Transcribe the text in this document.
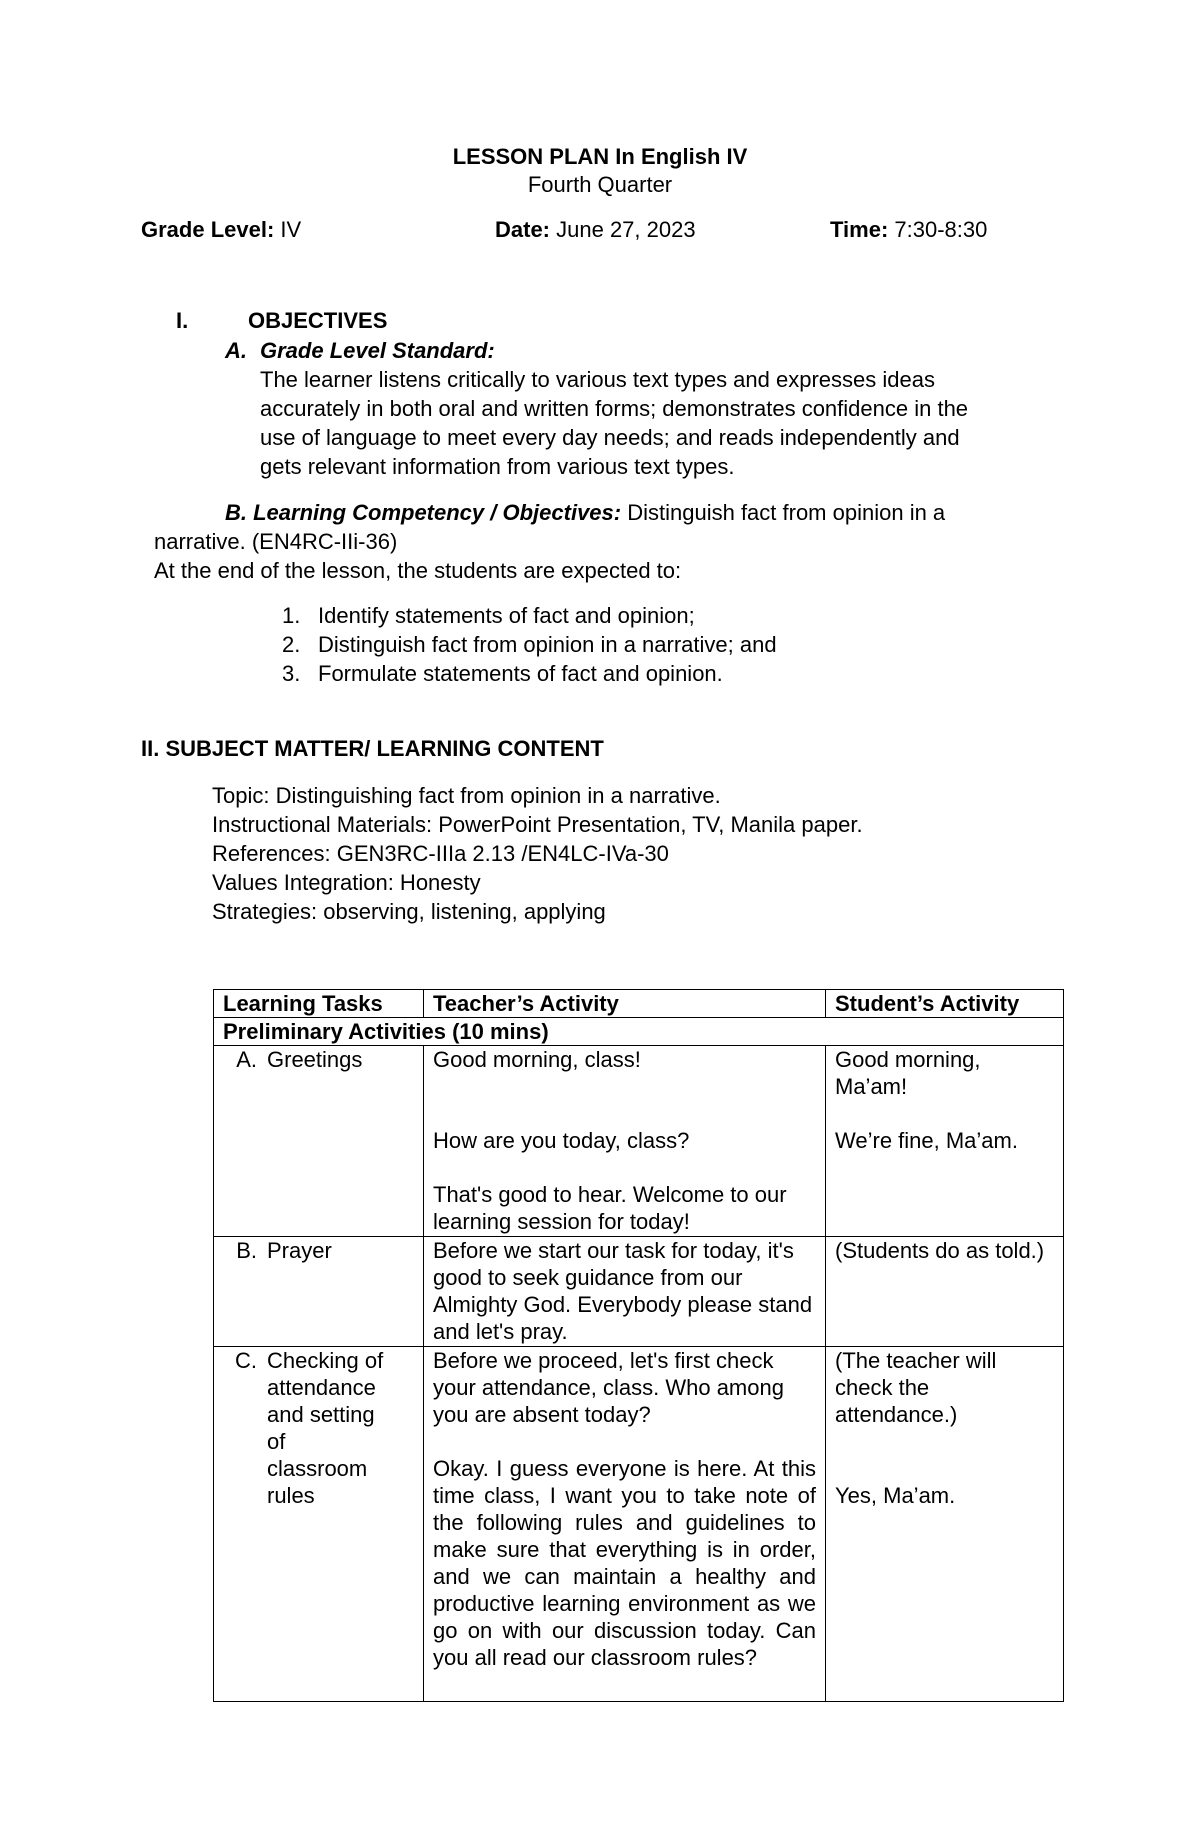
LESSON PLAN In English IV
Fourth Quarter
Grade Level: IV	Date: June 27, 2023	Time: 7:30-8:30
I.	OBJECTIVES
A. Grade Level Standard:
The learner listens critically to various text types and expresses ideas
accurately in both oral and written forms; demonstrates confidence in the
use of language to meet every day needs; and reads independently and
gets relevant information from various text types.
B. Learning Competency / Objectives: Distinguish fact from opinion in a
narrative. (EN4RC-IIi-36)
At the end of the lesson, the students are expected to:
1. Identify statements of fact and opinion;
2. Distinguish fact from opinion in a narrative; and
3. Formulate statements of fact and opinion.
II. SUBJECT MATTER/ LEARNING CONTENT
Topic: Distinguishing fact from opinion in a narrative.
Instructional Materials: PowerPoint Presentation, TV, Manila paper.
References: GEN3RC-IIIa 2.13 /EN4LC-IVa-30
Values Integration: Honesty
Strategies: observing, listening, applying
Learning Tasks	Teacher’s Activity	Student’s Activity
Preliminary Activities (10 mins)		

A. Greetings	Good morning, class!
How are you today, class?
That's good to hear. Welcome to our learning session for today!	Good morning, Ma’am!
We’re fine, Ma’am.

B. Prayer	Before we start our task for today, it's good to seek guidance from our Almighty God. Everybody please stand and let's pray.	(Students do as told.)

C. Checking of attendance and setting of classroom rules	Before we proceed, let's first check your attendance, class. Who among you are absent today?
Okay. I guess everyone is here. At this time class, I want you to take note of the following rules and guidelines to make sure that everything is in order, and we can maintain a healthy and productive learning environment as we go on with our discussion today. Can you all read our classroom rules?	(The teacher will check the attendance.)
Yes, Ma’am.
